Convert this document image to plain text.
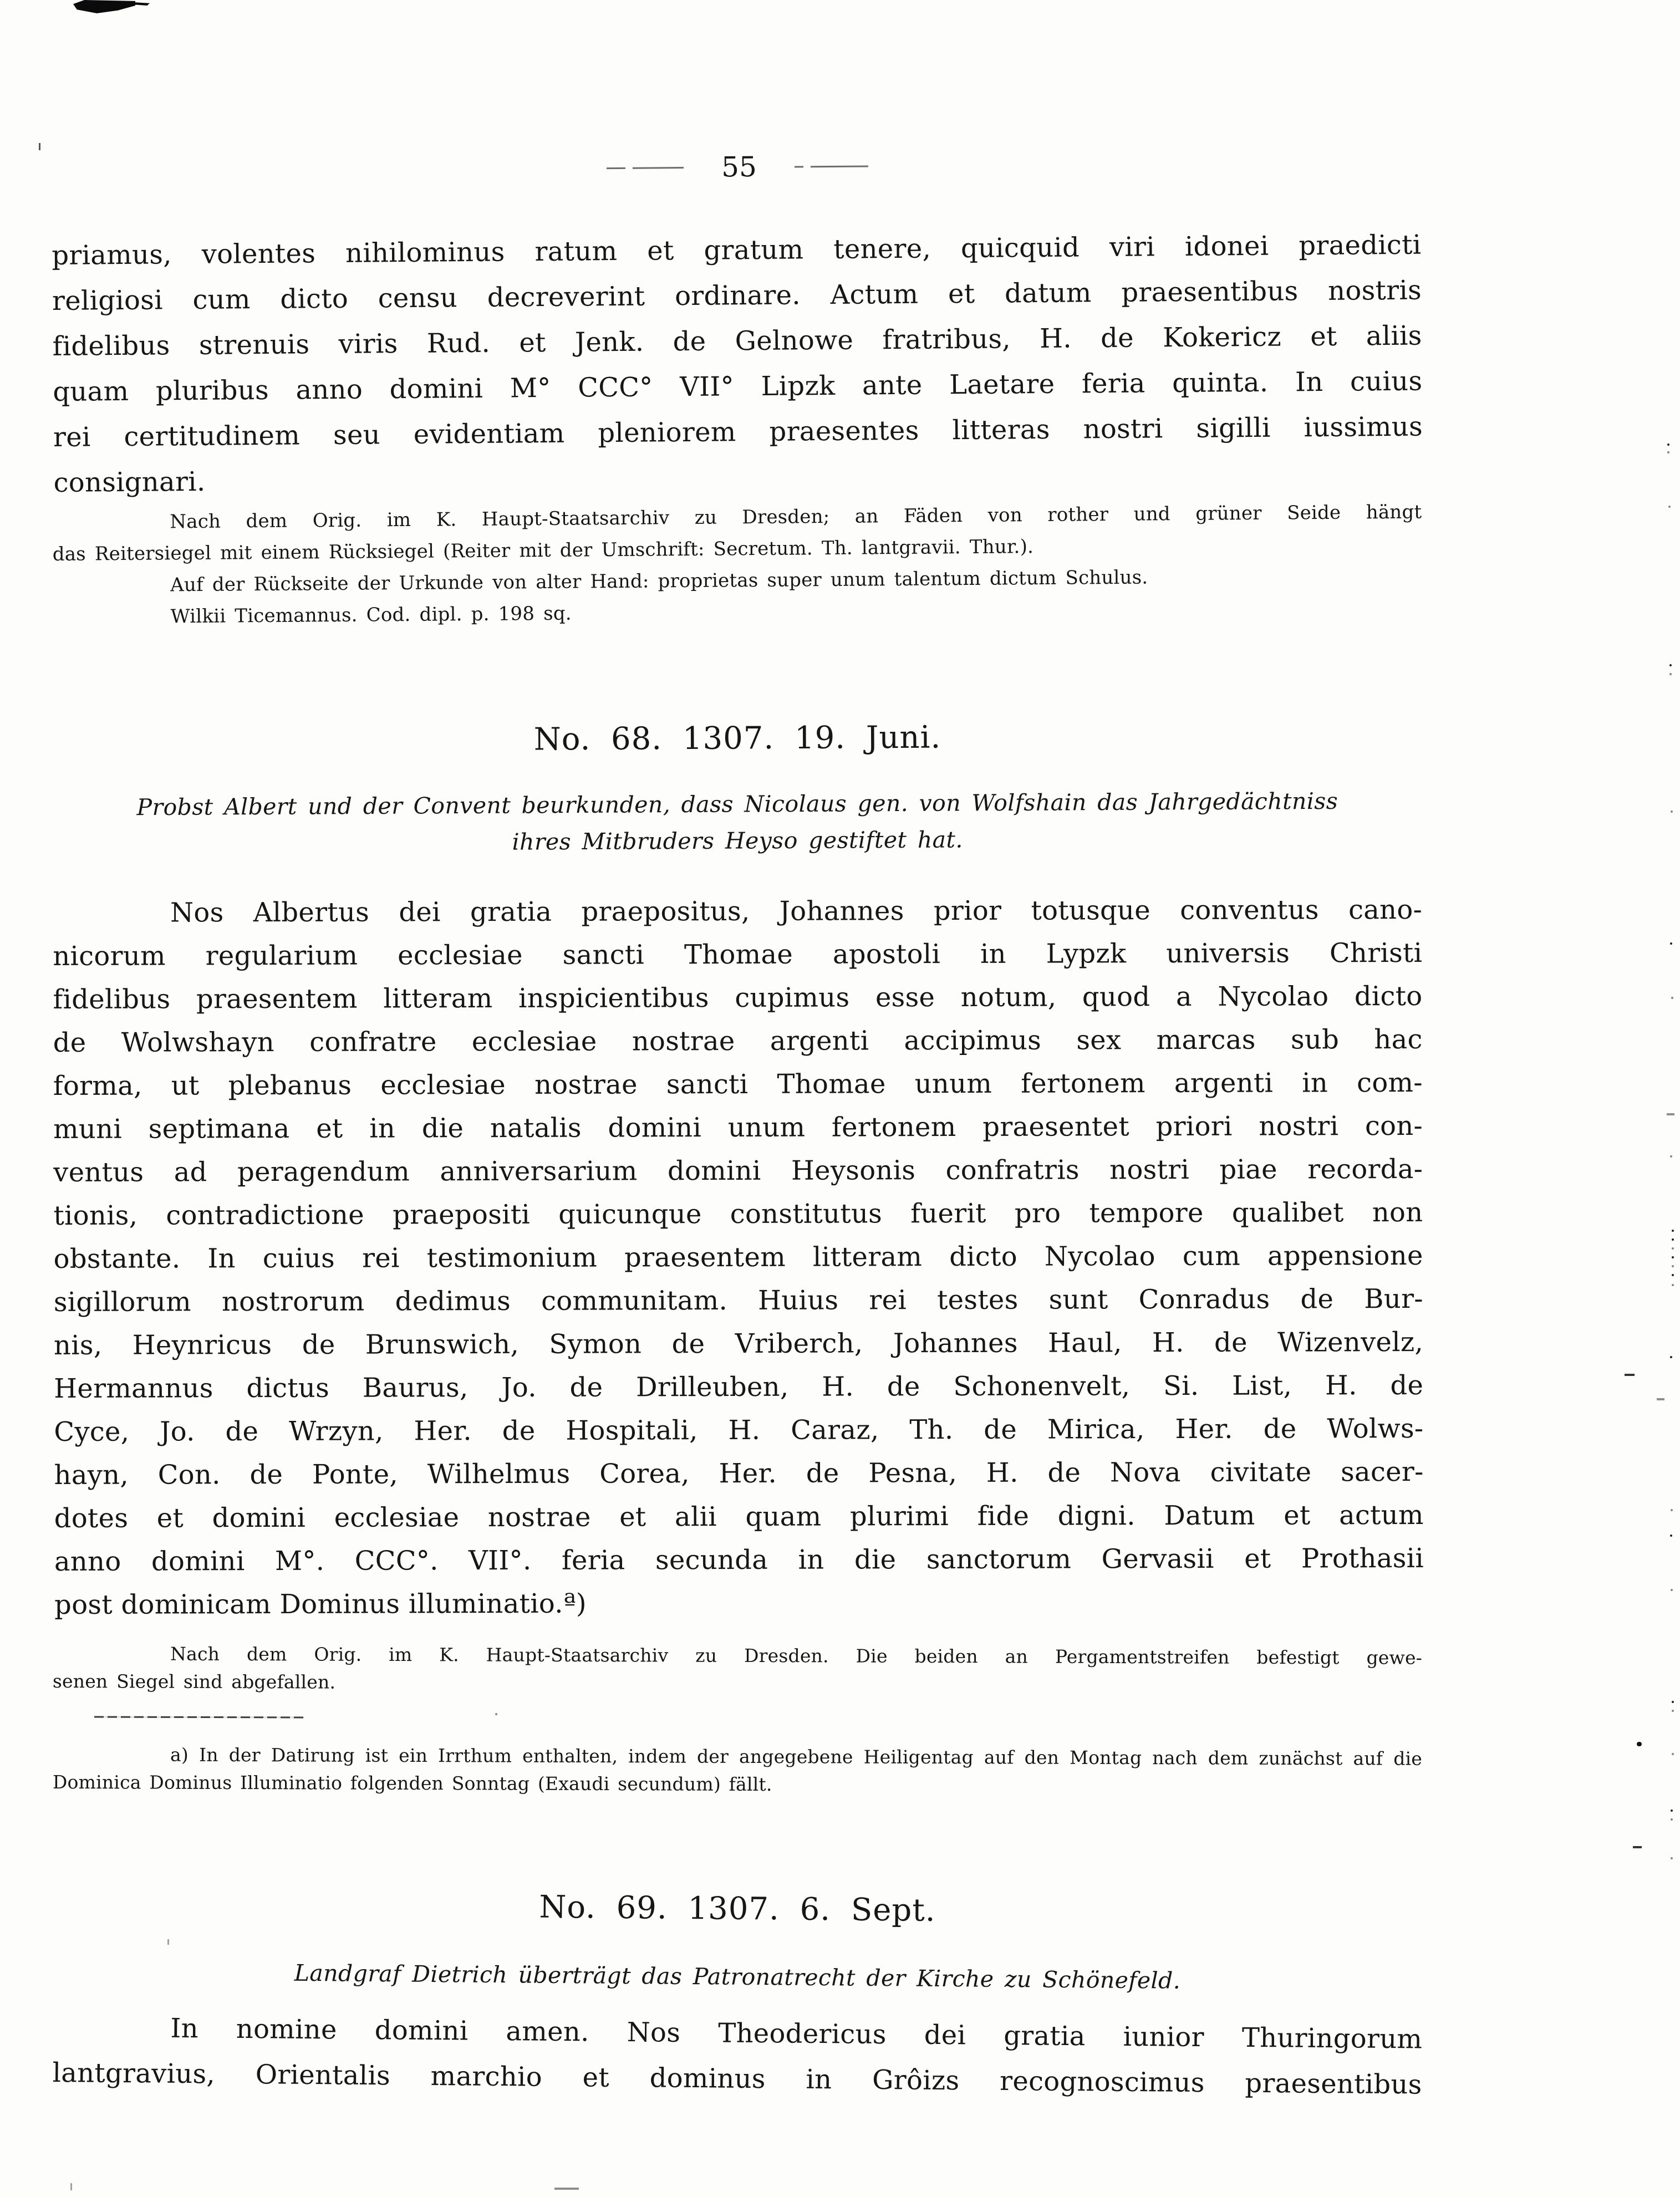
55
priamus, volentes nihilominus ratum et gratum tenere, quicquid viri idonei praedicti
religiosi cum dicto censu decreverint ordinare. Actum et datum praesentibus nostris
fidelibus strenuis viris Rud. et Jenk. de Gelnowe fratribus, H. de Kokericz et aliis
quam pluribus anno domini M° CCC° VII° Lipzk ante Laetare feria quinta. In cuius
rei certitudinem seu evidentiam pleniorem praesentes litteras nostri sigilli iussimus
consignari.
Nach dem Orig. im K. Haupt-Staatsarchiv zu Dresden; an Fäden von rother und grüner Seide hängt
das Reitersiegel mit einem Rücksiegel (Reiter mit der Umschrift: Secretum. Th. lantgravii. Thur.).
Auf der Rückseite der Urkunde von alter Hand: proprietas super unum talentum dictum Schulus.
Wilkii Ticemannus. Cod. dipl. p. 198 sq.
No. 68. 1307. 19. Juni.
Probst Albert und der Convent beurkunden, dass Nicolaus gen. von Wolfshain das Jahrgedächtniss
ihres Mitbruders Heyso gestiftet hat.
Nos Albertus dei gratia praepositus, Johannes prior totusque conventus cano-
nicorum regularium ecclesiae sancti Thomae apostoli in Lypzk universis Christi
fidelibus praesentem litteram inspicientibus cupimus esse notum, quod a Nycolao dicto
de Wolwshayn confratre ecclesiae nostrae argenti accipimus sex marcas sub hac
forma, ut plebanus ecclesiae nostrae sancti Thomae unum fertonem argenti in com-
muni septimana et in die natalis domini unum fertonem praesentet priori nostri con-
ventus ad peragendum anniversarium domini Heysonis confratris nostri piae recorda-
tionis, contradictione praepositi quicunque constitutus fuerit pro tempore qualibet non
obstante. In cuius rei testimonium praesentem litteram dicto Nycolao cum appensione
sigillorum nostrorum dedimus communitam. Huius rei testes sunt Conradus de Bur-
nis, Heynricus de Brunswich, Symon de Vriberch, Johannes Haul, H. de Wizenvelz,
Hermannus dictus Baurus, Jo. de Drilleuben, H. de Schonenvelt, Si. List, H. de
Cyce, Jo. de Wrzyn, Her. de Hospitali, H. Caraz, Th. de Mirica, Her. de Wolws-
hayn, Con. de Ponte, Wilhelmus Corea, Her. de Pesna, H. de Nova civitate sacer-
dotes et domini ecclesiae nostrae et alii quam plurimi fide digni. Datum et actum
anno domini M°. CCC°. VII°. feria secunda in die sanctorum Gervasii et Prothasii
post dominicam Dominus illuminatio.ª)
Nach dem Orig. im K. Haupt-Staatsarchiv zu Dresden. Die beiden an Pergamentstreifen befestigt gewe-
senen Siegel sind abgefallen.
a) In der Datirung ist ein Irrthum enthalten, indem der angegebene Heiligentag auf den Montag nach dem zunächst auf die
Dominica Dominus Illuminatio folgenden Sonntag (Exaudi secundum) fällt.
No. 69. 1307. 6. Sept.
Landgraf Dietrich überträgt das Patronatrecht der Kirche zu Schönefeld.
In nomine domini amen. Nos Theodericus dei gratia iunior Thuringorum
lantgravius, Orientalis marchio et dominus in Grôizs recognoscimus praesentibus
